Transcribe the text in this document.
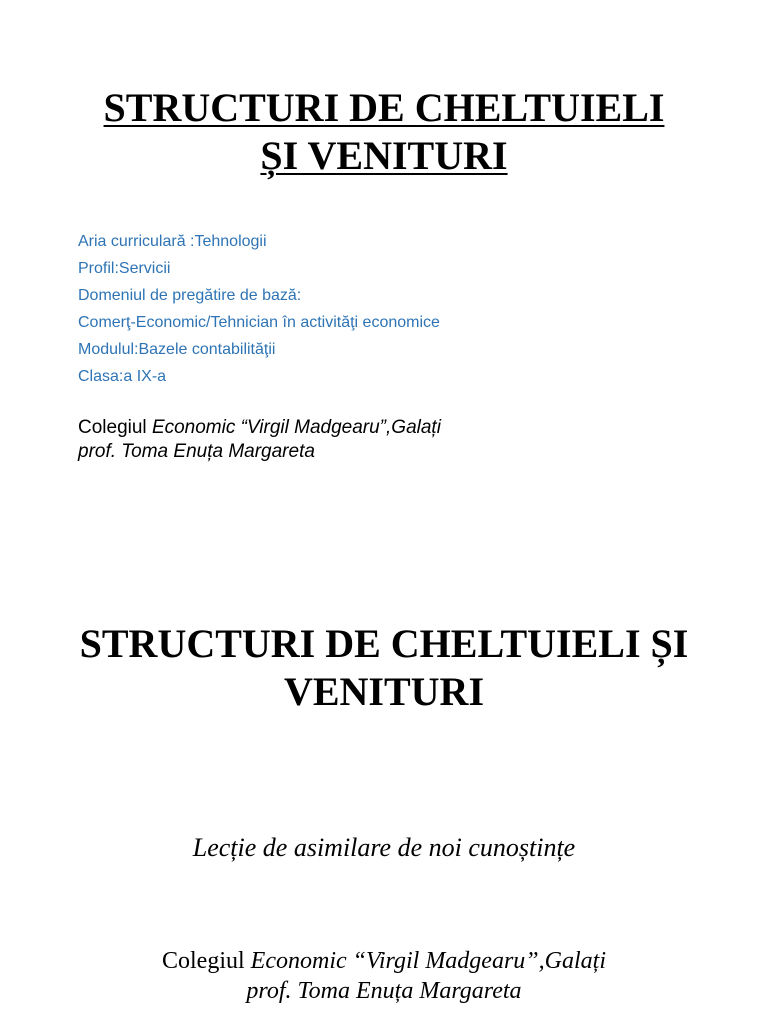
STRUCTURI DE CHELTUIELI
ȘI VENITURI
Aria curriculară :Tehnologii
Profil:Servicii
Domeniul de pregătire de bază:
Comerţ-Economic/Tehnician în activităţi economice
Modulul:Bazele contabilităţii
Clasa:a IX-a
Colegiul Economic “Virgil Madgearu”,Galați
prof. Toma Enuța Margareta
STRUCTURI DE CHELTUIELI ȘI
VENITURI

Lecție de asimilare de noi cunoștințe

Colegiul Economic “Virgil Madgearu”,Galați
prof. Toma Enuța Margareta
